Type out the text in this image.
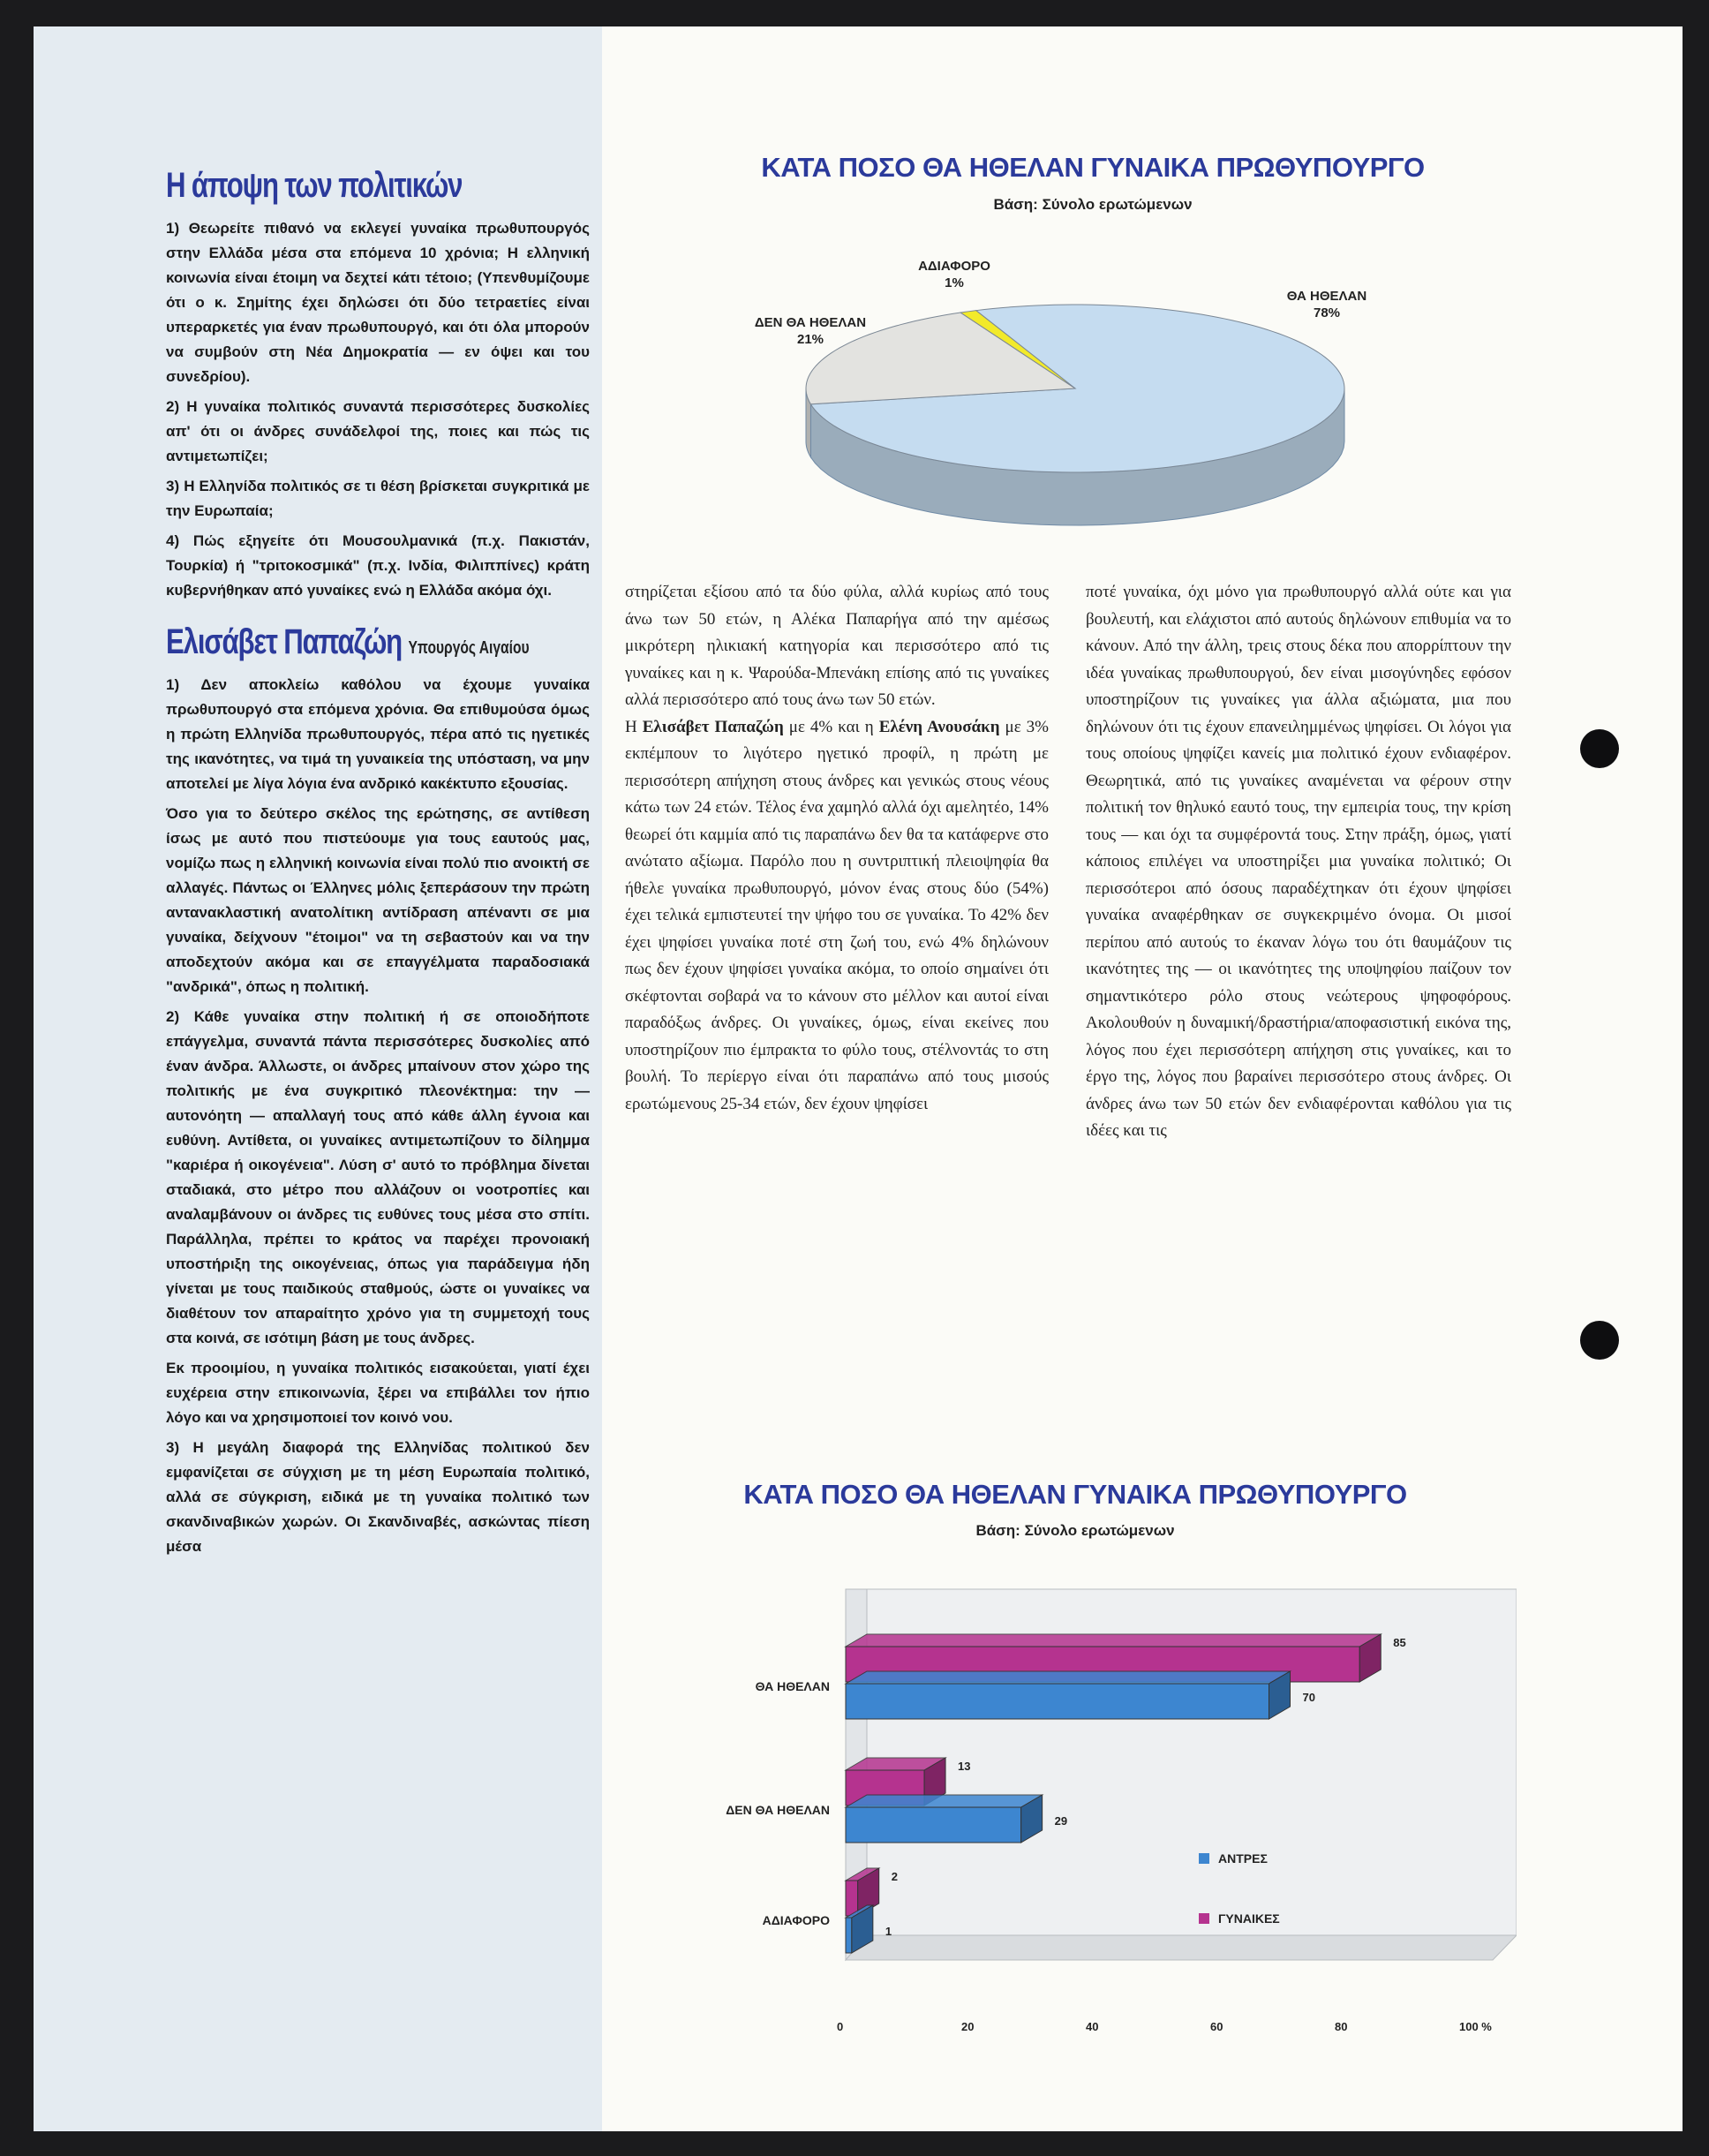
Η άποψη των πολιτικών

1) Θεωρείτε πιθανό να εκλεγεί γυναίκα πρωθυπουργός στην Ελλάδα μέσα στα επόμενα 10 χρόνια; Η ελληνική κοινωνία είναι έτοιμη να δεχτεί κάτι τέτοιο; (Υπενθυμίζουμε ότι ο κ. Σημίτης έχει δηλώσει ότι δύο τετραετίες είναι υπεραρκετές για έναν πρωθυπουργό, και ότι όλα μπορούν να συμβούν στη Νέα Δημοκρατία — εν όψει και του συνεδρίου).

2) Η γυναίκα πολιτικός συναντά περισσότερες δυσκολίες απ' ότι οι άνδρες συνάδελφοί της, ποιες και πώς τις αντιμετωπίζει;

3) Η Ελληνίδα πολιτικός σε τι θέση βρίσκεται συγκριτικά με την Ευρωπαία;

4) Πώς εξηγείτε ότι Μουσουλμανικά (π.χ. Πακιστάν, Τουρκία) ή "τριτοκοσμικά" (π.χ. Ινδία, Φιλιππίνες) κράτη κυβερνήθηκαν από γυναίκες ενώ η Ελλάδα ακόμα όχι.

Ελισάβετ Παπαζώη Υπουργός Αιγαίου

1) Δεν αποκλείω καθόλου να έχουμε γυναίκα πρωθυπουργό στα επόμενα χρόνια. Θα επιθυμούσα όμως η πρώτη Ελληνίδα πρωθυπουργός, πέρα από τις ηγετικές της ικανότητες, να τιμά τη γυναικεία της υπόσταση, να μην αποτελεί με λίγα λόγια ένα ανδρικό κακέκτυπο εξουσίας.

Όσο για το δεύτερο σκέλος της ερώτησης, σε αντίθεση ίσως με αυτό που πιστεύουμε για τους εαυτούς μας, νομίζω πως η ελληνική κοινωνία είναι πολύ πιο ανοικτή σε αλλαγές. Πάντως οι Έλληνες μόλις ξεπεράσουν την πρώτη αντανακλαστική ανατολίτικη αντίδραση απέναντι σε μια γυναίκα, δείχνουν "έτοιμοι" να τη σεβαστούν και να την αποδεχτούν ακόμα και σε επαγγέλματα παραδοσιακά "ανδρικά", όπως η πολιτική.

2) Κάθε γυναίκα στην πολιτική ή σε οποιοδήποτε επάγγελμα, συναντά πάντα περισσότερες δυσκολίες από έναν άνδρα. Άλλωστε, οι άνδρες μπαίνουν στον χώρο της πολιτικής με ένα συγκριτικό πλεονέκτημα: την — αυτονόητη — απαλλαγή τους από κάθε άλλη έγνοια και ευθύνη. Αντίθετα, οι γυναίκες αντιμετωπίζουν το δίλημμα "καριέρα ή οικογένεια". Λύση σ' αυτό το πρόβλημα δίνεται σταδιακά, στο μέτρο που αλλάζουν οι νοοτροπίες και αναλαμβάνουν οι άνδρες τις ευθύνες τους μέσα στο σπίτι. Παράλληλα, πρέπει το κράτος να παρέχει προνοιακή υποστήριξη της οικογένειας, όπως για παράδειγμα ήδη γίνεται με τους παιδικούς σταθμούς, ώστε οι γυναίκες να διαθέτουν τον απαραίτητο χρόνο για τη συμμετοχή τους στα κοινά, σε ισότιμη βάση με τους άνδρες.

Εκ προοιμίου, η γυναίκα πολιτικός εισακούεται, γιατί έχει ευχέρεια στην επικοινωνία, ξέρει να επιβάλλει τον ήπιο λόγο και να χρησιμοποιεί τον κοινό νου.

3) Η μεγάλη διαφορά της Ελληνίδας πολιτικού δεν εμφανίζεται σε σύγχιση με τη μέση Ευρωπαία πολιτικό, αλλά σε σύγκριση, ειδικά με τη γυναίκα πολιτικό των σκανδιναβικών χωρών. Οι Σκανδιναβές, ασκώντας πίεση μέσα

ΚΑΤΑ ΠΟΣΟ ΘΑ ΗΘΕΛΑΝ ΓΥΝΑΙΚΑ ΠΡΩΘΥΠΟΥΡΓΟ
Βάση: Σύνολο ερωτώμενων
ΘΑ ΗΘΕΛΑΝ
78%
ΔΕΝ ΘΑ ΗΘΕΛΑΝ
21%
ΑΔΙΑΦΟΡΟ
1%
στηρίζεται εξίσου από τα δύο φύλα, αλλά κυρίως από τους άνω των 50 ετών, η Αλέκα Παπαρήγα από την αμέσως μικρότερη ηλικιακή κατηγορία και περισσότερο από τις γυναίκες και η κ. Ψαρούδα-Μπενάκη επίσης από τις γυναίκες αλλά περισσότερο από τους άνω των 50 ετών.
Η Ελισάβετ Παπαζώη με 4% και η Ελένη Ανουσάκη με 3% εκπέμπουν το λιγότερο ηγετικό προφίλ, η πρώτη με περισσότερη απήχηση στους άνδρες και γενικώς στους νέους κάτω των 24 ετών. Τέλος ένα χαμηλό αλλά όχι αμελητέο, 14% θεωρεί ότι καμμία από τις παραπάνω δεν θα τα κατάφερνε στο ανώτατο αξίωμα. Παρόλο που η συντριπτική πλειοψηφία θα ήθελε γυναίκα πρωθυπουργό, μόνον ένας στους δύο (54%) έχει τελικά εμπιστευτεί την ψήφο του σε γυναίκα. Το 42% δεν έχει ψηφίσει γυναίκα ποτέ στη ζωή του, ενώ 4% δηλώνουν πως δεν έχουν ψηφίσει γυναίκα ακόμα, το οποίο σημαίνει ότι σκέφτονται σοβαρά να το κάνουν στο μέλλον και αυτοί είναι παραδόξως άνδρες. Οι γυναίκες, όμως, είναι εκείνες που υποστηρίζουν πιο έμπρακτα το φύλο τους, στέλνοντάς το στη βουλή. Το περίεργο είναι ότι παραπάνω από τους μισούς ερωτώμενους 25-34 ετών, δεν έχουν ψηφίσει
ποτέ γυναίκα, όχι μόνο για πρωθυπουργό αλλά ούτε και για βουλευτή, και ελάχιστοι από αυτούς δηλώνουν επιθυμία να το κάνουν. Από την άλλη, τρεις στους δέκα που απορρίπτουν την ιδέα γυναίκας πρωθυπουργού, δεν είναι μισογύνηδες εφόσον υποστηρίζουν τις γυναίκες για άλλα αξιώματα, μια που δηλώνουν ότι τις έχουν επανειλημμένως ψηφίσει. Οι λόγοι για τους οποίους ψηφίζει κανείς μια πολιτικό έχουν ενδιαφέρον. Θεωρητικά, από τις γυναίκες αναμένεται να φέρουν στην πολιτική τον θηλυκό εαυτό τους, την εμπειρία τους, την κρίση τους — και όχι τα συμφέροντά τους. Στην πράξη, όμως, γιατί κάποιος επιλέγει να υποστηρίξει μια γυναίκα πολιτικό; Οι περισσότεροι από όσους παραδέχτηκαν ότι έχουν ψηφίσει γυναίκα αναφέρθηκαν σε συγκεκριμένο όνομα. Οι μισοί περίπου από αυτούς το έκαναν λόγω του ότι θαυμάζουν τις ικανότητες της — οι ικανότητες της υποψηφίου παίζουν τον σημαντικότερο ρόλο στους νεώτερους ψηφοφόρους. Ακολουθούν η δυναμική/δραστήρια/αποφασιστική εικόνα της, λόγος που έχει περισσότερη απήχηση στις γυναίκες, και το έργο της, λόγος που βαραίνει περισσότερο στους άνδρες. Οι άνδρες άνω των 50 ετών δεν ενδιαφέρονται καθόλου για τις ιδέες και τις
ΚΑΤΑ ΠΟΣΟ ΘΑ ΗΘΕΛΑΝ ΓΥΝΑΙΚΑ ΠΡΩΘΥΠΟΥΡΓΟ
Βάση: Σύνολο ερωτώμενων
85
70
ΘΑ ΗΘΕΛΑΝ
13
29
ΔΕΝ ΘΑ ΗΘΕΛΑΝ
2
1
ΑΔΙΑΦΟΡΟ
0	20	40	60	80	100 %
ΑΝΤΡΕΣ
ΓΥΝΑΙΚΕΣ
